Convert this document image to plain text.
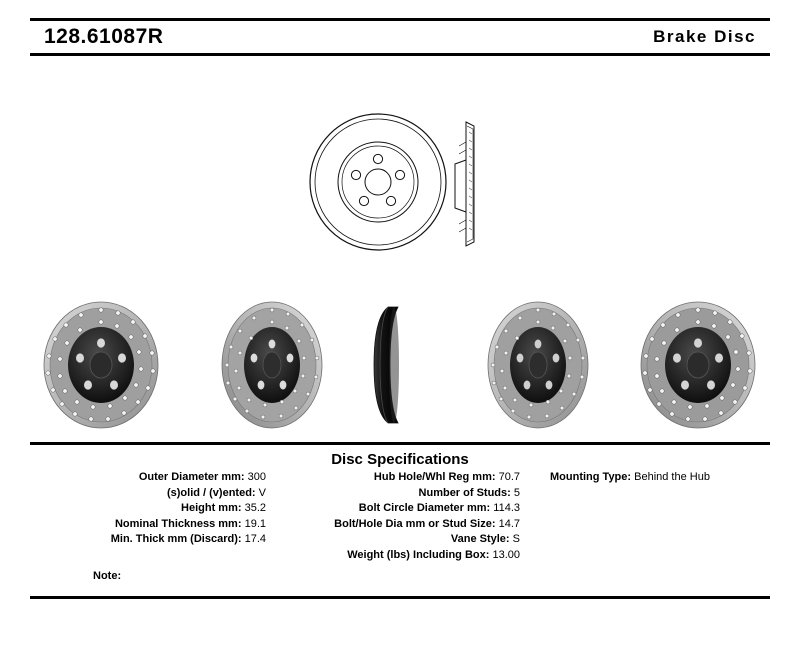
128.61087R	Brake Disc
Disc Specifications
Outer Diameter mm: 300
(s)olid / (v)ented: V
Height mm: 35.2
Nominal Thickness mm: 19.1
Min. Thick mm (Discard): 17.4
Hub Hole/Whl Reg mm: 70.7
Number of Studs: 5
Bolt Circle Diameter mm: 114.3
Bolt/Hole Dia mm or Stud Size: 14.7
Vane Style: S
Weight (lbs) Including Box: 13.00
Mounting Type: Behind the Hub
Note:
